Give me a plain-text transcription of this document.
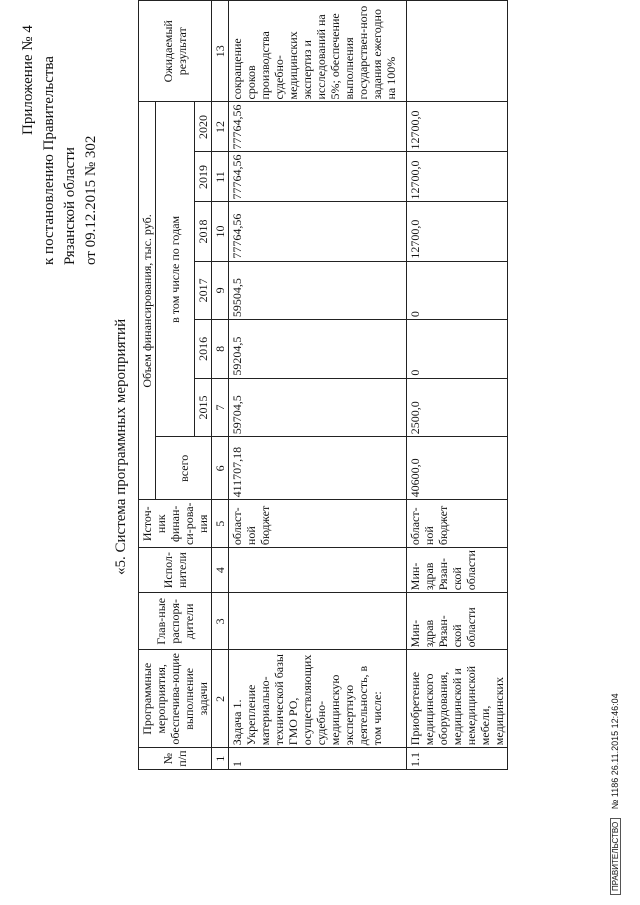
Приложение № 4 к постановлению Правительства Рязанской области от 09.12.2015 № 302
«5. Система программных мероприятий
№ п/п	Программные мероприятия, обеспечива-ющие выполнение задачи	Глав-ные распоря-дители	Испол-нители	Источ-ник финан-си-рова-ния	Объем финансирования, тыс. руб.							Ожидаемый результат
					всего	в том числе по годам						
						2015	2016	2017	2018	2019	2020	
1	2	3	4	5	6	7	8	9	10	11	12	13
1	Задача 1. Укрепление материально-технической базы ГМО РО, осуществляющих судебно-медицинскую экспертную деятельность, в том числе:			област-ной бюджет	411707,18	59704,5	59204,5	59504,5	77764,56	77764,56	77764,56	сокращение сроков производства судебно-медицинских экспертиз и исследований на 5%; обеспечение выполнения государствен-ного задания ежегодно на 100%
1.1	Приобретение медицинского оборудования, медицинской и немедицинской мебели, медицинских	Мин-здрав Рязан-ской области	Мин-здрав Рязан-ской области	област-ной бюджет	40600,0	2500,0	0	0	12700,0	12700,0	12700,0	
ПРАВИТЕЛЬСТВО № 1186 26.11.2015 12:46:04
